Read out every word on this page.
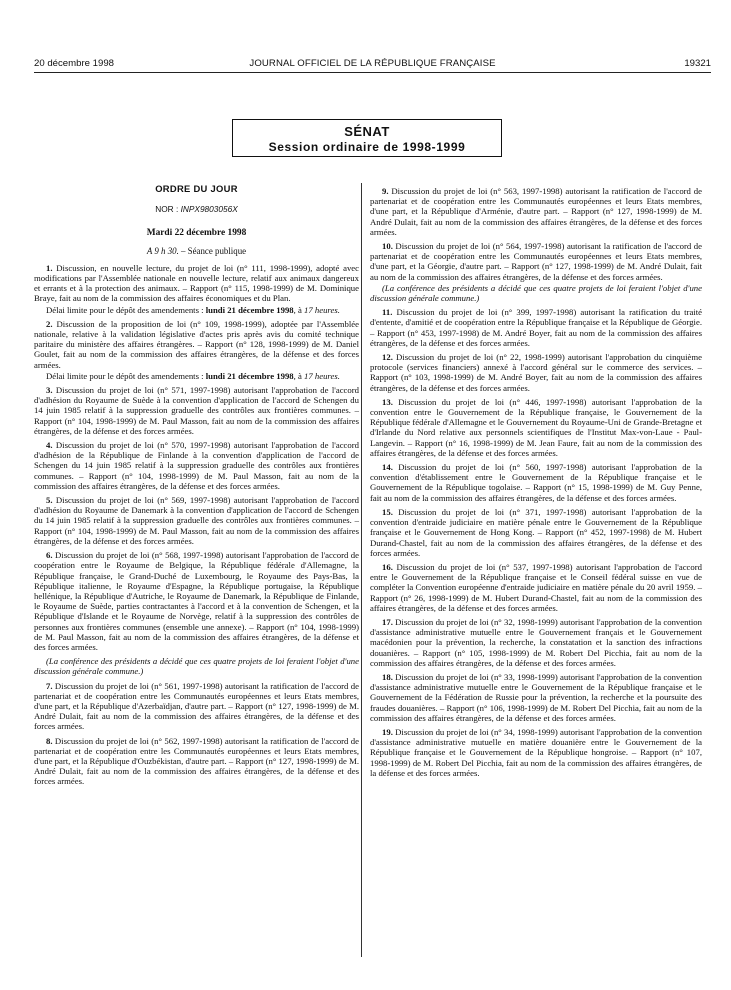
20 décembre 1998	JOURNAL OFFICIEL DE LA RÉPUBLIQUE FRANÇAISE	19321
SÉNAT
Session ordinaire de 1998-1999
ORDRE DU JOUR
NOR : INPX9803056X
Mardi 22 décembre 1998
A 9 h 30. – Séance publique

1. Discussion, en nouvelle lecture, du projet de loi (n° 111, 1998-1999), adopté avec modifications par l'Assemblée nationale en nouvelle lecture, relatif aux animaux dangereux et errants et à la protection des animaux. – Rapport (n° 115, 1998-1999) de M. Dominique Braye, fait au nom de la commission des affaires économiques et du Plan.

Délai limite pour le dépôt des amendements : lundi 21 décembre 1998, à 17 heures.

2. Discussion de la proposition de loi (n° 109, 1998-1999), adoptée par l'Assemblée nationale, relative à la validation législative d'actes pris après avis du comité technique paritaire du ministère des affaires étrangères. – Rapport (n° 128, 1998-1999) de M. Daniel Goulet, fait au nom de la commission des affaires étrangères, de la défense et des forces armées.

Délai limite pour le dépôt des amendements : lundi 21 décembre 1998, à 17 heures.

3. Discussion du projet de loi (n° 571, 1997-1998) autorisant l'approbation de l'accord d'adhésion du Royaume de Suède à la convention d'application de l'accord de Schengen du 14 juin 1985 relatif à la suppression graduelle des contrôles aux frontières communes. – Rapport (n° 104, 1998-1999) de M. Paul Masson, fait au nom de la commission des affaires étrangères, de la défense et des forces armées.

4. Discussion du projet de loi (n° 570, 1997-1998) autorisant l'approbation de l'accord d'adhésion de la République de Finlande à la convention d'application de l'accord de Schengen du 14 juin 1985 relatif à la suppression graduelle des contrôles aux frontières communes. – Rapport (n° 104, 1998-1999) de M. Paul Masson, fait au nom de la commission des affaires étrangères, de la défense et des forces armées.

5. Discussion du projet de loi (n° 569, 1997-1998) autorisant l'approbation de l'accord d'adhésion du Royaume de Danemark à la convention d'application de l'accord de Schengen du 14 juin 1985 relatif à la suppression graduelle des contrôles aux frontières communes. – Rapport (n° 104, 1998-1999) de M. Paul Masson, fait au nom de la commission des affaires étrangères, de la défense et des forces armées.

6. Discussion du projet de loi (n° 568, 1997-1998) autorisant l'approbation de l'accord de coopération entre le Royaume de Belgique, la République fédérale d'Allemagne, la République française, le Grand-Duché de Luxembourg, le Royaume des Pays-Bas, la République italienne, le Royaume d'Espagne, la République portugaise, la République hellénique, la République d'Autriche, le Royaume de Danemark, la République de Finlande, le Royaume de Suède, parties contractantes à l'accord et à la convention de Schengen, et la République d'Islande et le Royaume de Norvège, relatif à la suppression des contrôles de personnes aux frontières communes (ensemble une annexe). – Rapport (n° 104, 1998-1999) de M. Paul Masson, fait au nom de la commission des affaires étrangères, de la défense et des forces armées.

(La conférence des présidents a décidé que ces quatre projets de loi feraient l'objet d'une discussion générale commune.)

7. Discussion du projet de loi (n° 561, 1997-1998) autorisant la ratification de l'accord de partenariat et de coopération entre les Communautés européennes et leurs Etats membres, d'une part, et la République d'Azerbaïdjan, d'autre part. – Rapport (n° 127, 1998-1999) de M. André Dulait, fait au nom de la commission des affaires étrangères, de la défense et des forces armées.

8. Discussion du projet de loi (n° 562, 1997-1998) autorisant la ratification de l'accord de partenariat et de coopération entre les Communautés européennes et leurs Etats membres, d'une part, et la République d'Ouzbékistan, d'autre part. – Rapport (n° 127, 1998-1999) de M. André Dulait, fait au nom de la commission des affaires étrangères, de la défense et des forces armées.

9. Discussion du projet de loi (n° 563, 1997-1998) autorisant la ratification de l'accord de partenariat et de coopération entre les Communautés européennes et leurs Etats membres, d'une part, et la République d'Arménie, d'autre part. – Rapport (n° 127, 1998-1999) de M. André Dulait, fait au nom de la commission des affaires étrangères, de la défense et des forces armées.

10. Discussion du projet de loi (n° 564, 1997-1998) autorisant la ratification de l'accord de partenariat et de coopération entre les Communautés européennes et leurs Etats membres, d'une part, et la Géorgie, d'autre part. – Rapport (n° 127, 1998-1999) de M. André Dulait, fait au nom de la commission des affaires étrangères, de la défense et des forces armées.

(La conférence des présidents a décidé que ces quatre projets de loi feraient l'objet d'une discussion générale commune.)

11. Discussion du projet de loi (n° 399, 1997-1998) autorisant la ratification du traité d'entente, d'amitié et de coopération entre la République française et la République de Géorgie. – Rapport (n° 453, 1997-1998) de M. André Boyer, fait au nom de la commission des affaires étrangères, de la défense et des forces armées.

12. Discussion du projet de loi (n° 22, 1998-1999) autorisant l'approbation du cinquième protocole (services financiers) annexé à l'accord général sur le commerce des services. – Rapport (n° 103, 1998-1999) de M. André Boyer, fait au nom de la commission des affaires étrangères, de la défense et des forces armées.

13. Discussion du projet de loi (n° 446, 1997-1998) autorisant l'approbation de la convention entre le Gouvernement de la République française, le Gouvernement de la République fédérale d'Allemagne et le Gouvernement du Royaume-Uni de Grande-Bretagne et d'Irlande du Nord relative aux personnels scientifiques de l'Institut Max-von-Laue - Paul-Langevin. – Rapport (n° 16, 1998-1999) de M. Jean Faure, fait au nom de la commission des affaires étrangères, de la défense et des forces armées.

14. Discussion du projet de loi (n° 560, 1997-1998) autorisant l'approbation de la convention d'établissement entre le Gouvernement de la République française et le Gouvernement de la République togolaise. – Rapport (n° 15, 1998-1999) de M. Guy Penne, fait au nom de la commission des affaires étrangères, de la défense et des forces armées.

15. Discussion du projet de loi (n° 371, 1997-1998) autorisant l'approbation de la convention d'entraide judiciaire en matière pénale entre le Gouvernement de la République française et le Gouvernement de Hong Kong. – Rapport (n° 452, 1997-1998) de M. Hubert Durand-Chastel, fait au nom de la commission des affaires étrangères, de la défense et des forces armées.

16. Discussion du projet de loi (n° 537, 1997-1998) autorisant l'approbation de l'accord entre le Gouvernement de la République française et le Conseil fédéral suisse en vue de compléter la Convention européenne d'entraide judiciaire en matière pénale du 20 avril 1959. – Rapport (n° 26, 1998-1999) de M. Hubert Durand-Chastel, fait au nom de la commission des affaires étrangères, de la défense et des forces armées.

17. Discussion du projet de loi (n° 32, 1998-1999) autorisant l'approbation de la convention d'assistance administrative mutuelle entre le Gouvernement français et le Gouvernement macédonien pour la prévention, la recherche, la constatation et la sanction des infractions douanières. – Rapport (n° 105, 1998-1999) de M. Robert Del Picchia, fait au nom de la commission des affaires étrangères, de la défense et des forces armées.

18. Discussion du projet de loi (n° 33, 1998-1999) autorisant l'approbation de la convention d'assistance administrative mutuelle entre le Gouvernement de la République française et le Gouvernement de la Fédération de Russie pour la prévention, la recherche et la poursuite des fraudes douanières. – Rapport (n° 106, 1998-1999) de M. Robert Del Picchia, fait au nom de la commission des affaires étrangères, de la défense et des forces armées.

19. Discussion du projet de loi (n° 34, 1998-1999) autorisant l'approbation de la convention d'assistance administrative mutuelle en matière douanière entre le Gouvernement de la République française et le Gouvernement de la République hongroise. – Rapport (n° 107, 1998-1999) de M. Robert Del Picchia, fait au nom de la commission des affaires étrangères, de la défense et des forces armées.
